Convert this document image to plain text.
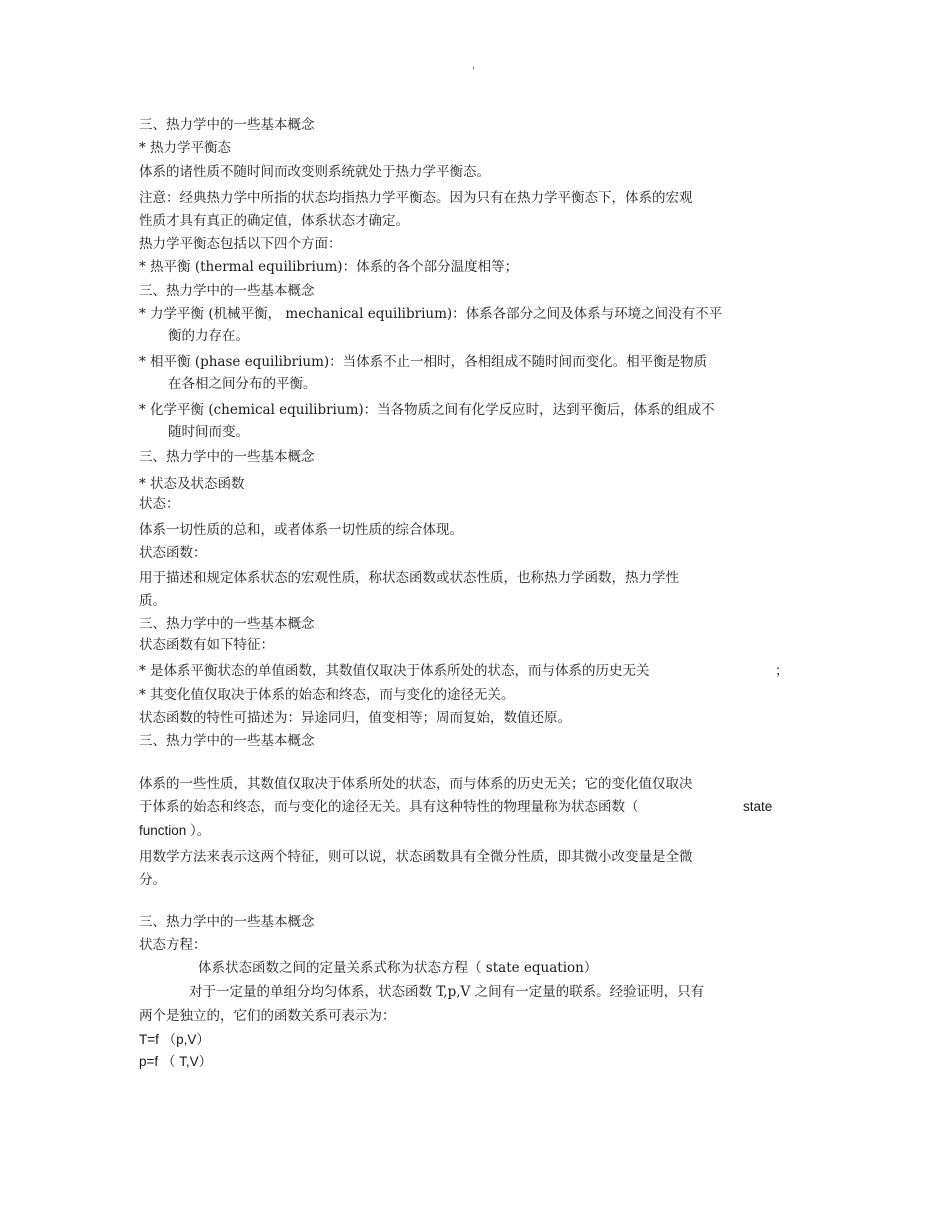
'
三、热力学中的一些基本概念
* 热力学平衡态
体系的诸性质不随时间而改变则系统就处于热力学平衡态。
注意：经典热力学中所指的状态均指热力学平衡态。因为只有在热力学平衡态下，体系的宏观
性质才具有真正的确定值，体系状态才确定。
热力学平衡态包括以下四个方面：
* 热平衡 (thermal equilibrium)：体系的各个部分温度相等；
三、热力学中的一些基本概念
* 力学平衡 (机械平衡， mechanical equilibrium)：体系各部分之间及体系与环境之间没有不平
衡的力存在。
* 相平衡 (phase equilibrium)：当体系不止一相时，各相组成不随时间而变化。相平衡是物质
在各相之间分布的平衡。
* 化学平衡 (chemical equilibrium)：当各物质之间有化学反应时，达到平衡后，体系的组成不
随时间而变。
三、热力学中的一些基本概念
* 状态及状态函数
状态：
体系一切性质的总和，或者体系一切性质的综合体现。
状态函数：
用于描述和规定体系状态的宏观性质，称状态函数或状态性质，也称热力学函数，热力学性
质。
三、热力学中的一些基本概念
状态函数有如下特征：
* 是体系平衡状态的单值函数，其数值仅取决于体系所处的状态，而与体系的历史无关	；
* 其变化值仅取决于体系的始态和终态，而与变化的途径无关。
状态函数的特性可描述为：异途同归，值变相等；周而复始，数值还原。
三、热力学中的一些基本概念
体系的一些性质，其数值仅取决于体系所处的状态，而与体系的历史无关；它的变化值仅取决
于体系的始态和终态，而与变化的途径无关。具有这种特性的物理量称为状态函数（	state
function ）。
用数学方法来表示这两个特征，则可以说，状态函数具有全微分性质，即其微小改变量是全微
分。
三、热力学中的一些基本概念
状态方程：
体系状态函数之间的定量关系式称为状态方程（ state equation）
对于一定量的单组分均匀体系，状态函数 T,p,V 之间有一定量的联系。经验证明，只有
两个是独立的，它们的函数关系可表示为：
T=f （p,V）
p=f （ T,V）
